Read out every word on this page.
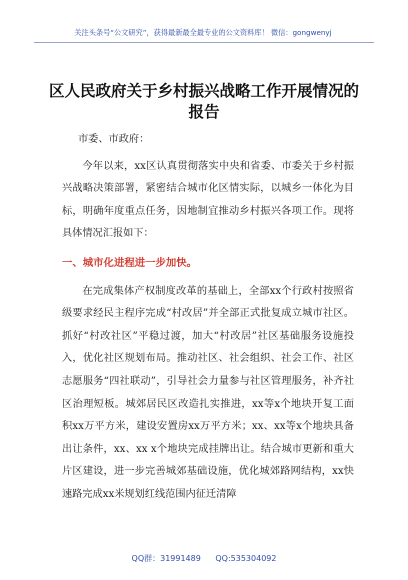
关注头条号“公文研究”，获得最新最全最专业的公文资料库！ 微信：gongwenyj
区人民政府关于乡村振兴战略工作开展情况的报告
市委、市政府：
今年以来，xx区认真贯彻落实中央和省委、市委关于乡村振兴战略决策部署，紧密结合城市化区情实际，以城乡一体化为目标，明确年度重点任务，因地制宜推动乡村振兴各项工作。现将具体情况汇报如下：
一、城市化进程进一步加快。
在完成集体产权制度改革的基础上，全部xx个行政村按照省级要求经民主程序完成“村改居”并全部正式批复成立城市社区。抓好“村改社区”平稳过渡，加大“村改居”社区基础服务设施投入，优化社区规划布局。推动社区、社会组织、社会工作、社区志愿服务“四社联动”，引导社会力量参与社区管理服务，补齐社区治理短板。城郊居民区改造扎实推进，xx等x个地块开复工面积xx万平方米，建设安置房xx万平方米；xx、xx等x个地块具备出让条件，xx、xx x个地块完成挂牌出让。结合城市更新和重大片区建设，进一步完善城郊基础设施，优化城郊路网结构，xx快速路完成xx米规划红线范围内征迁清障
QQ群：31991489 QQ:535304092
